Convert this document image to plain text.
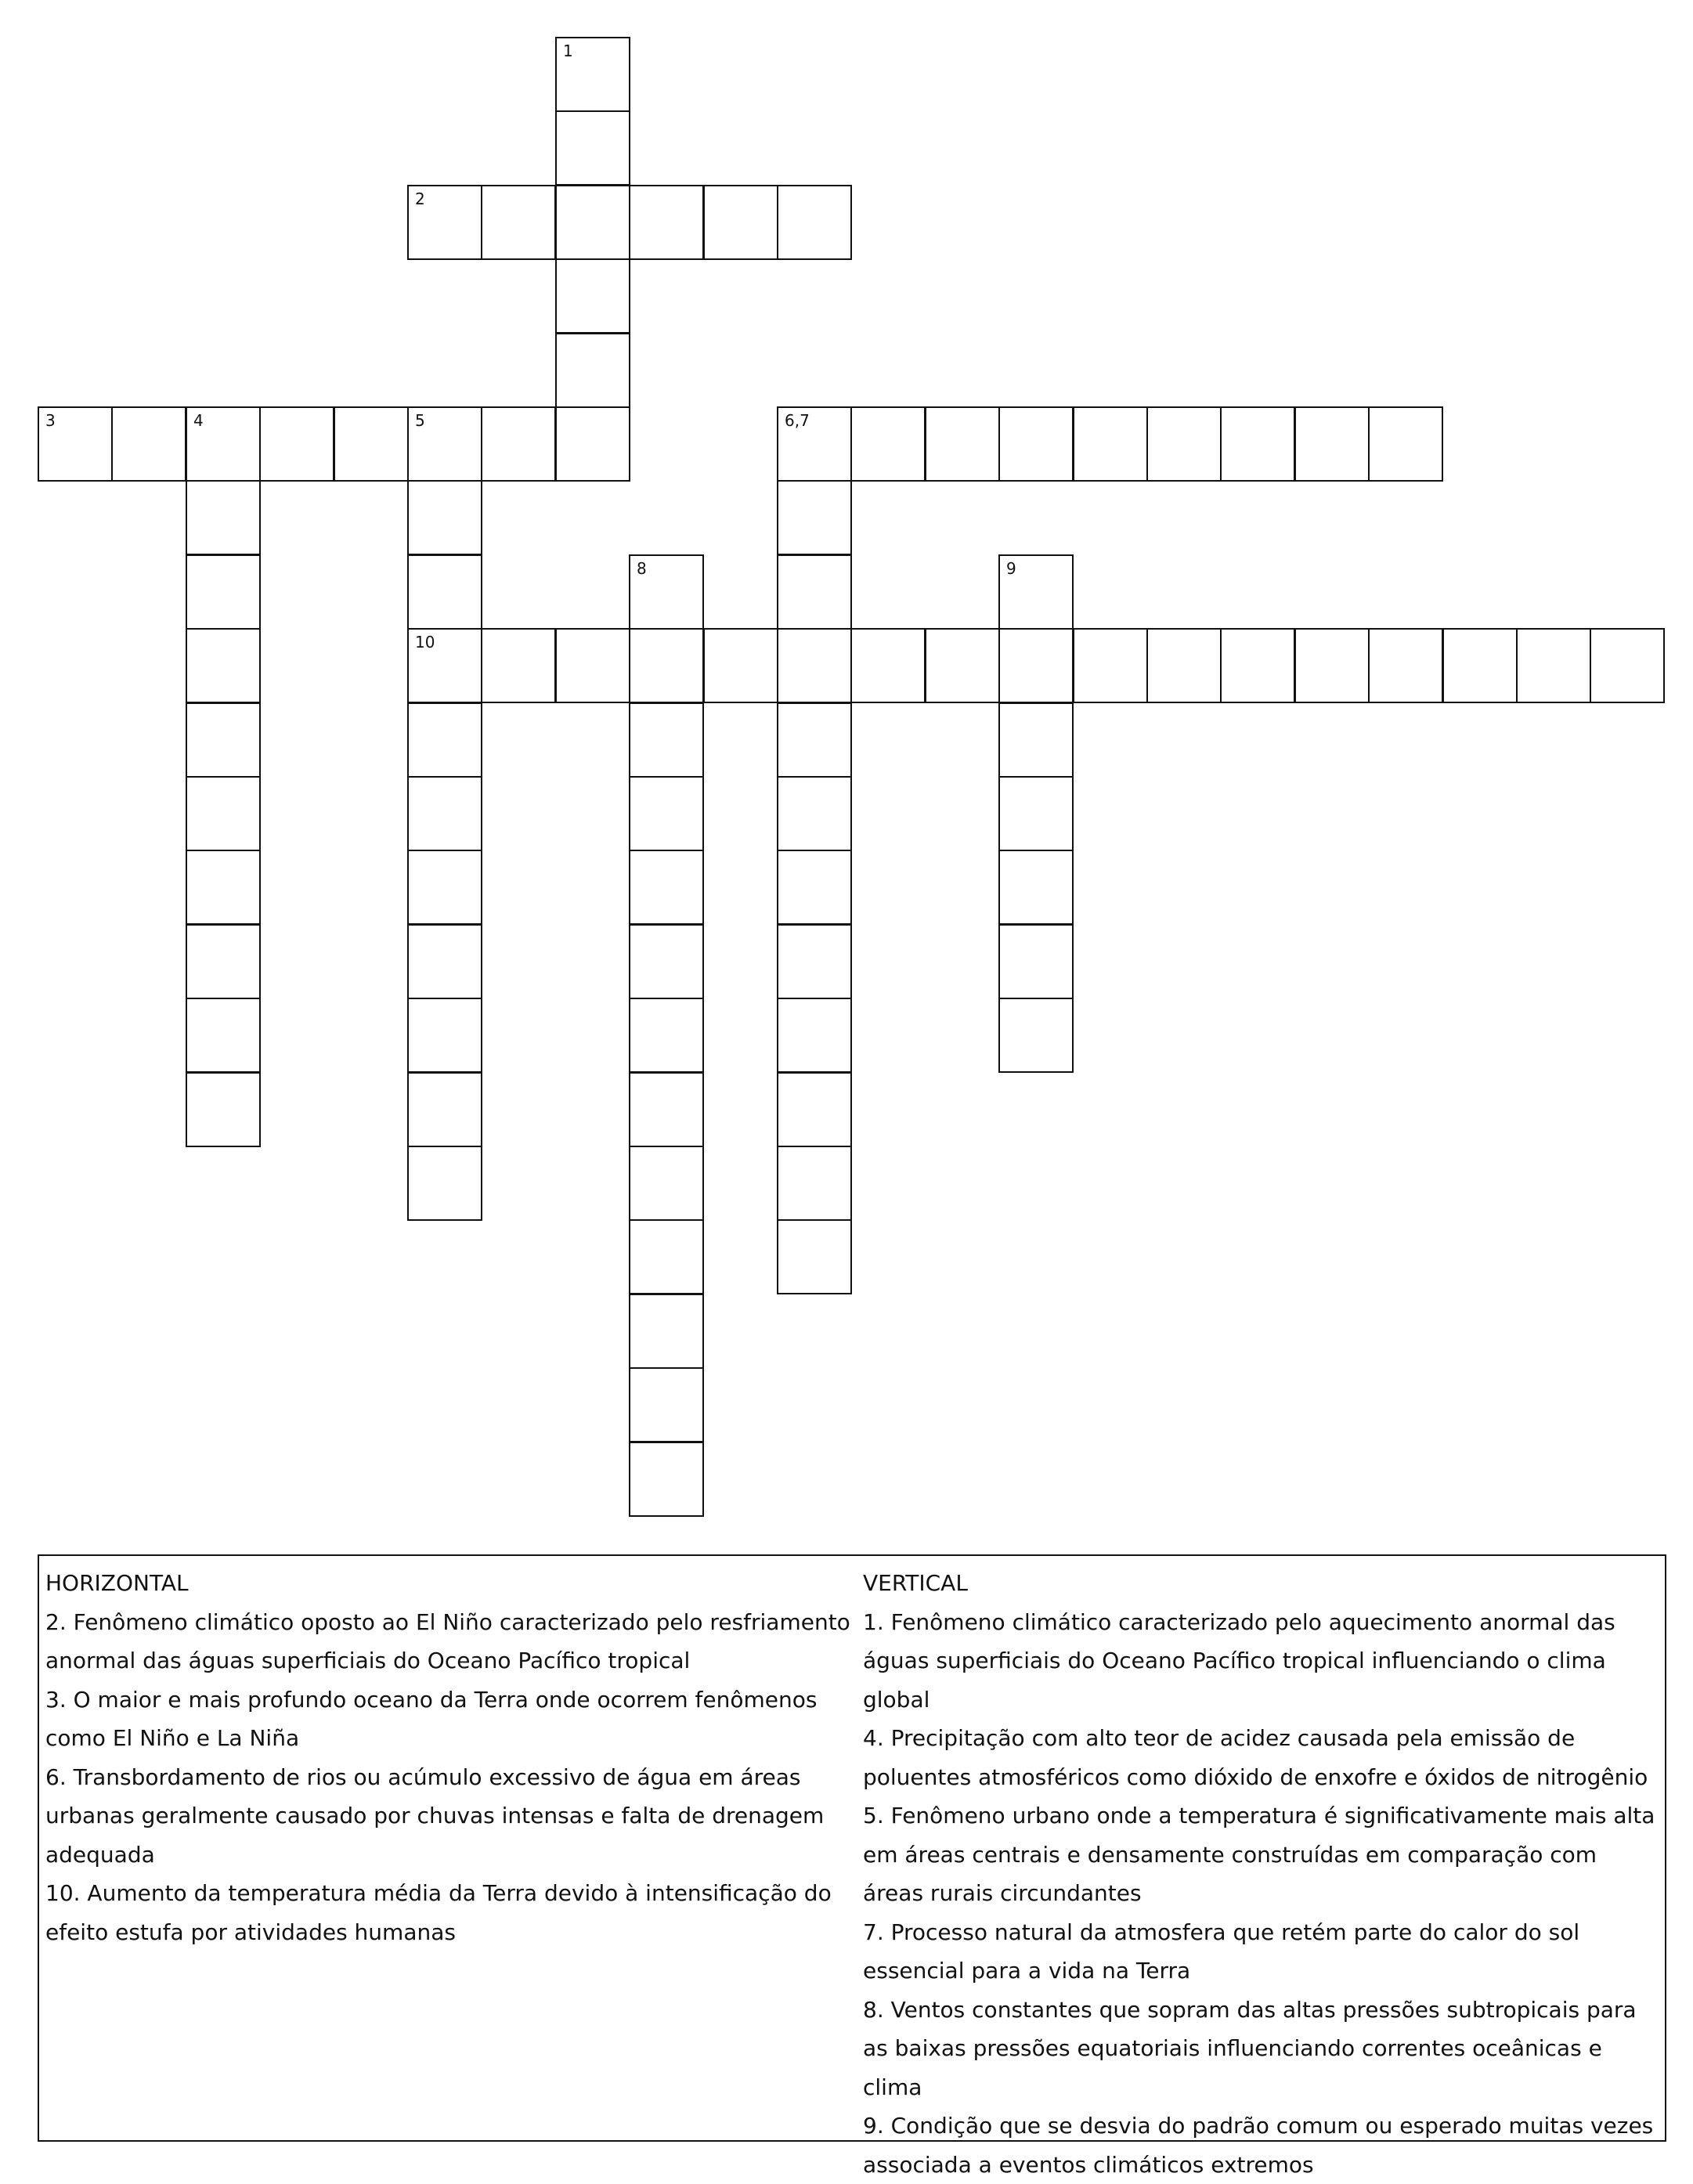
1
2
3	4	5	6,7
10
8	9

HORIZONTAL

2. Fenômeno climático oposto ao El Niño caracterizado pelo resfriamento anormal das águas superficiais do Oceano Pacífico tropical

3. O maior e mais profundo oceano da Terra onde ocorrem fenômenos como El Niño e La Niña

6. Transbordamento de rios ou acúmulo excessivo de água em áreas urbanas geralmente causado por chuvas intensas e falta de drenagem adequada

10. Aumento da temperatura média da Terra devido à intensificação do efeito estufa por atividades humanas

VERTICAL

1. Fenômeno climático caracterizado pelo aquecimento anormal das águas superficiais do Oceano Pacífico tropical influenciando o clima global

4. Precipitação com alto teor de acidez causada pela emissão de poluentes atmosféricos como dióxido de enxofre e óxidos de nitrogênio

5. Fenômeno urbano onde a temperatura é significativamente mais alta em áreas centrais e densamente construídas em comparação com áreas rurais circundantes

7. Processo natural da atmosfera que retém parte do calor do sol essencial para a vida na Terra

8. Ventos constantes que sopram das altas pressões subtropicais para as baixas pressões equatoriais influenciando correntes oceânicas e clima

9. Condição que se desvia do padrão comum ou esperado muitas vezes associada a eventos climáticos extremos
